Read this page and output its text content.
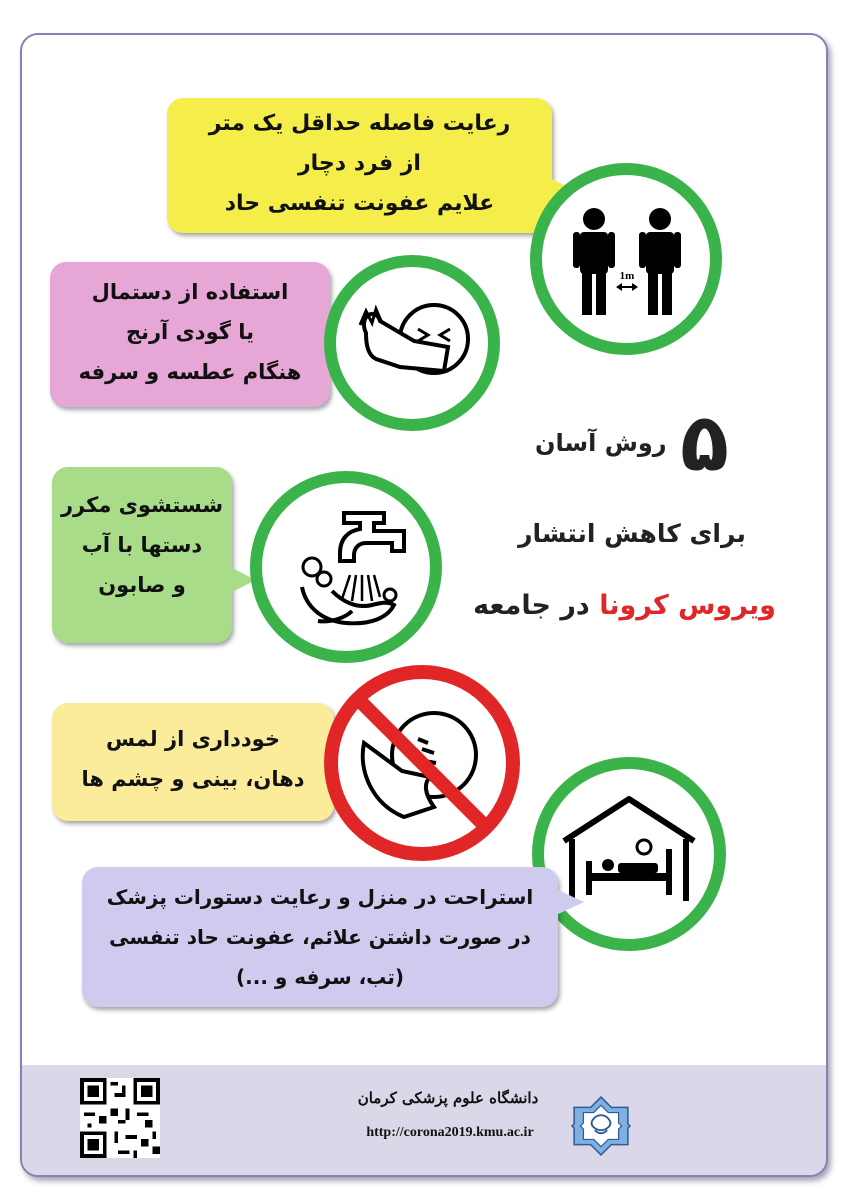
رعایت فاصله حداقل یک متر
از فرد دچار
علایم عفونت تنفسی حاد
1m
استفاده از دستمال
یا گودی آرنج
هنگام عطسه و سرفه
۵ روش آسان
برای کاهش انتشار
ویروس کرونا در جامعه
شستشوی مکرر
دستها با آب
و صابون
خودداری از لمس
دهان، بینی و چشم ها
استراحت در منزل و رعایت دستورات پزشک
در صورت داشتن علائم، عفونت حاد تنفسی
(تب، سرفه و ...)
دانشگاه علوم پزشکی کرمان
http://corona2019.kmu.ac.ir
